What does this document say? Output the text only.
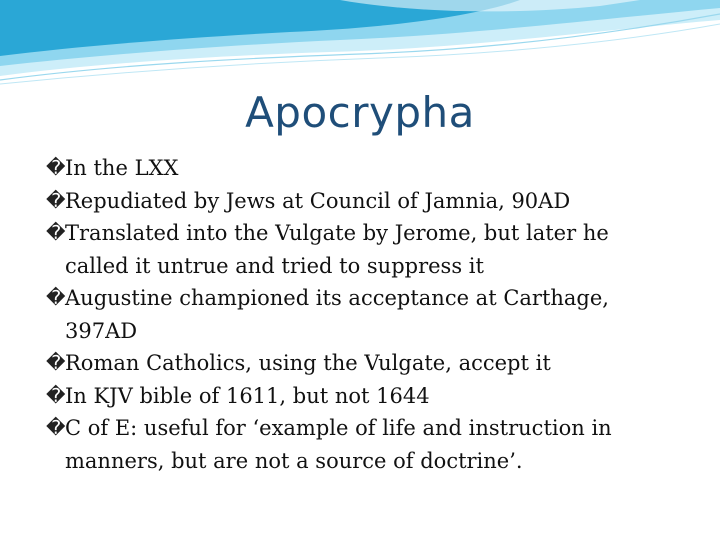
Apocrypha
� In the LXX
� Repudiated by Jews at Council of Jamnia, 90AD
� Translated into the Vulgate by Jerome, but later he called it untrue and tried to suppress it
� Augustine championed its acceptance at Carthage, 397AD
� Roman Catholics, using the Vulgate, accept it
� In KJV bible of 1611, but not 1644
� C of E: useful for ‘example of life and instruction in manners, but are not a source of doctrine’.
